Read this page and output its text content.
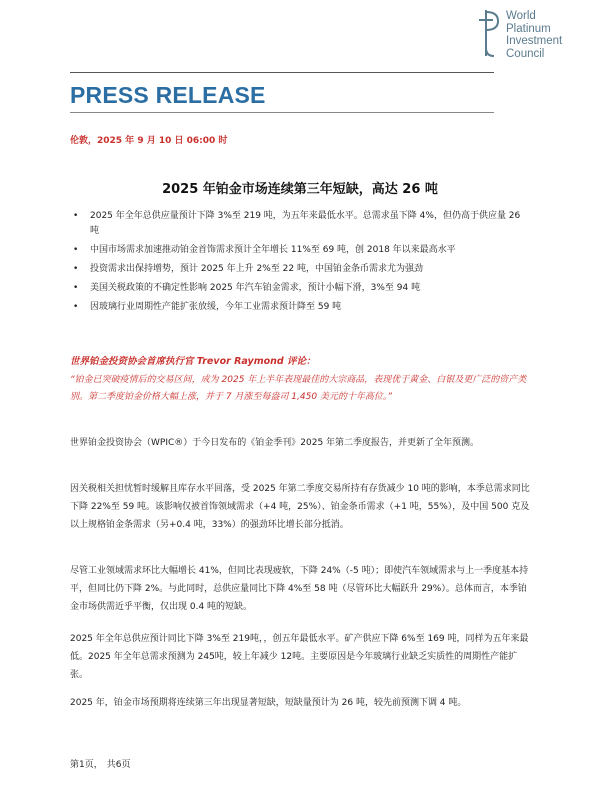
World
Platinum
Investment
Council
PRESS RELEASE
伦敦，2025 年 9 月 10 日 06:00 时
2025 年铂金市场连续第三年短缺，高达 26 吨
• 2025 年全年总供应量预计下降 3%至 219 吨，为五年来最低水平。总需求虽下降 4%，但仍高于供应量 26 吨
• 中国市场需求加速推动铂金首饰需求预计全年增长 11%至 69 吨，创 2018 年以来最高水平
• 投资需求出保持增势，预计 2025 年上升 2%至 22 吨，中国铂金条币需求尤为强劲
• 美国关税政策的不确定性影响 2025 年汽车铂金需求，预计小幅下滑，3%至 94 吨
• 因玻璃行业周期性产能扩张放缓，今年工业需求预计降至 59 吨
世界铂金投资协会首席执行官 Trevor Raymond 评论：
“铂金已突破疫情后的交易区间，成为 2025 年上半年表现最佳的大宗商品，表现优于黄金、白银及更广泛的资产类别。第二季度铂金价格大幅上涨，并于 7 月涨至每盎司 1,450 美元的十年高位。”
世界铂金投资协会（WPIC®）于今日发布的《铂金季刊》2025 年第二季度报告，并更新了全年预测。
因关税相关担忧暂时缓解且库存水平回落，受 2025 年第二季度交易所持有存货减少 10 吨的影响，本季总需求同比下降 22%至 59 吨。该影响仅被首饰领域需求（+4 吨，25%）、铂金条币需求（+1 吨，55%），及中国 500 克及以上规格铂金条需求（另+0.4 吨，33%）的强劲环比增长部分抵消。
尽管工业领域需求环比大幅增长 41%，但同比表现疲软，下降 24%（-5 吨）；即使汽车领域需求与上一季度基本持平，但同比仍下降 2%。与此同时，总供应量同比下降 4%至 58 吨（尽管环比大幅跃升 29%）。总体而言，本季铂金市场供需近乎平衡，仅出现 0.4 吨的短缺。
2025 年全年总供应预计同比下降 3%至 219吨，，创五年最低水平。矿产供应下降 6%至 169 吨，同样为五年来最低。2025 年全年总需求预测为 245吨，较上年减少 12吨。主要原因是今年玻璃行业缺乏实质性的周期性产能扩张。
2025 年，铂金市场预期将连续第三年出现显著短缺，短缺量预计为 26 吨，较先前预测下调 4 吨。
第1页， 共6页
